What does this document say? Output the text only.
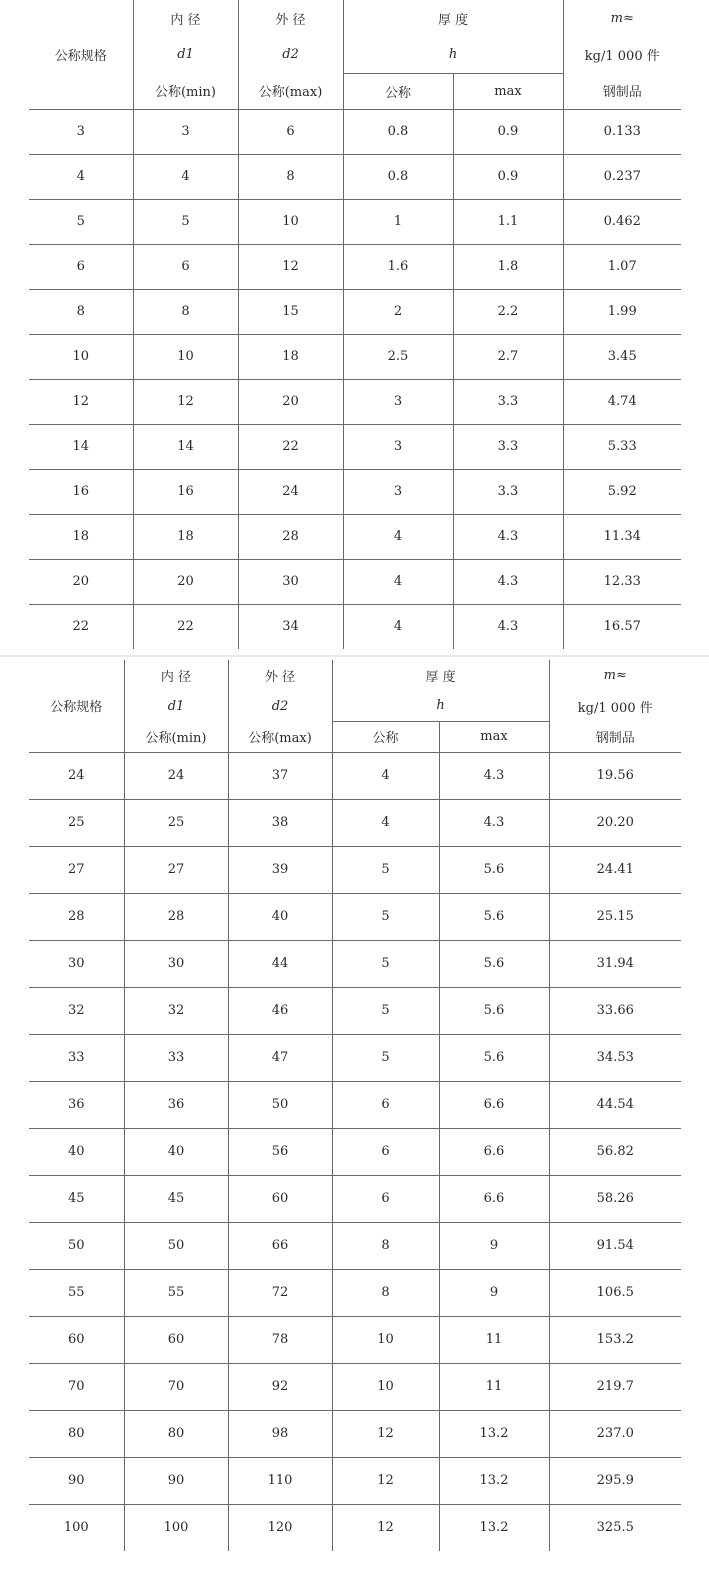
公称规格	内 径	外 径	厚 度		m≈
	d1	d2	h		kg/1 000 件
	公称(min)	公称(max)	公称	max	钢制品
3	3	6	0.8	0.9	0.133
4	4	8	0.8	0.9	0.237
5	5	10	1	1.1	0.462
6	6	12	1.6	1.8	1.07
8	8	15	2	2.2	1.99
10	10	18	2.5	2.7	3.45
12	12	20	3	3.3	4.74
14	14	22	3	3.3	5.33
16	16	24	3	3.3	5.92
18	18	28	4	4.3	11.34
20	20	30	4	4.3	12.33
22	22	34	4	4.3	16.57
公称规格	内 径	外 径	厚 度		m≈
	d1	d2	h		kg/1 000 件
	公称(min)	公称(max)	公称	max	钢制品
24	24	37	4	4.3	19.56
25	25	38	4	4.3	20.20
27	27	39	5	5.6	24.41
28	28	40	5	5.6	25.15
30	30	44	5	5.6	31.94
32	32	46	5	5.6	33.66
33	33	47	5	5.6	34.53
36	36	50	6	6.6	44.54
40	40	56	6	6.6	56.82
45	45	60	6	6.6	58.26
50	50	66	8	9	91.54
55	55	72	8	9	106.5
60	60	78	10	11	153.2
70	70	92	10	11	219.7
80	80	98	12	13.2	237.0
90	90	110	12	13.2	295.9
100	100	120	12	13.2	325.5
